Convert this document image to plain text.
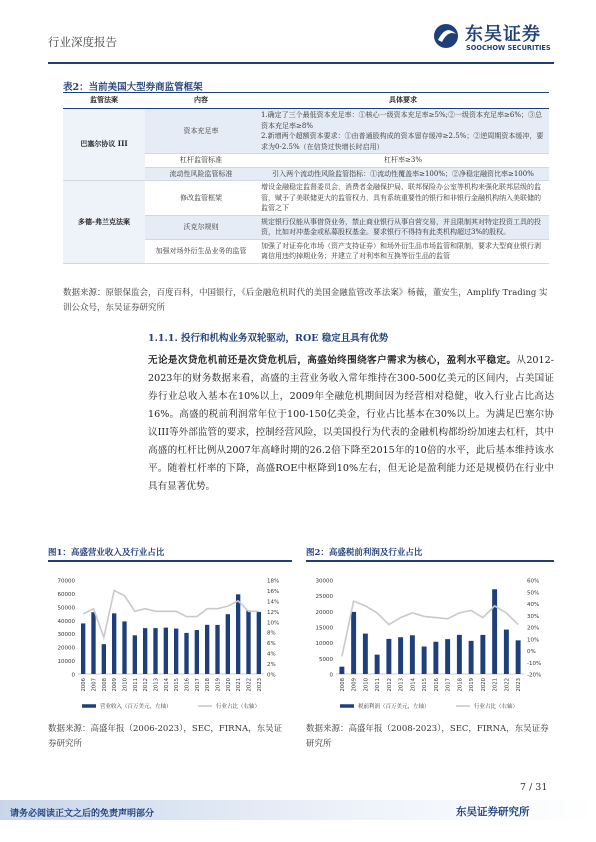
行业深度报告	东吴证券
SOOCHOW SECURITIES
表2：当前美国大型券商监管框架
监管法案	内容	具体要求
巴塞尔协议 III	资本充足率	1.确定了三个最低资本充足率：①核心一级资本充足率≥5%;②一级资本充足率≥6%；③总资本充足率≥8%
2.新增两个超额资本要求：①由普通股构成的资本留存缓冲≥2.5%；②逆周期资本缓冲，要求为0-2.5%（在信贷过快增长时启用）

	杠杆监管标准	杠杆率≥3%
	流动性风险监管标准	引入两个流动性风险监管指标：①流动性覆盖率≥100%；②净稳定融资比率≥100%
多德-弗兰克法案	修改监管框架	增设金融稳定监督委员会，消费者金融保护局、联邦保险办公室等机构来强化联邦层级的监管，赋予了美联储更大的监管权力，具有系统重要性的银行和非银行金融机构纳入美联储的监管之下
	沃克尔规则	规定银行仅能从事借贷业务，禁止商业银行从事自营交易，并且限制其对特定投资工具的投资，比如对冲基金或私募股权基金。要求银行不得持有此类机构超过3%的股权。
	加强对场外衍生品业务的监管	加强了对证券化市场（资产支持证券）和场外衍生品市场监管和限制，要求大型商业银行剥离信用违约掉期业务；并建立了对利率和互换等衍生品的监管
数据来源：原银保监会，百度百科，中国银行，《后金融危机时代的美国金融监管改革法案》杨薇，董安生，Amplify Trading 实训公众号，东吴证券研究所
1.1.1. 投行和机构业务双轮驱动，ROE 稳定且具有优势
无论是次贷危机前还是次贷危机后，高盛始终围绕客户需求为核心，盈利水平稳定。从2012-2023年的财务数据来看，高盛的主营业务收入常年维持在300-500亿美元的区间内，占美国证券行业总收入基本在10%以上，2009年全融危机期间因为经营相对稳健，收入行业占比高达16%。高盛的税前利润常年位于100-150亿美金，行业占比基本在30%以上。为满足巴塞尔协议III等外部监管的要求，控制经营风险，以美国投行为代表的金融机构都纷纷加速去杠杆，其中高盛的杠杆比例从2007年高峰时期的26.2倍下降至2015年的10倍的水平，此后基本维持该水平。随着杠杆率的下降，高盛ROE中枢降到10%左右，但无论是盈利能力还是规模仍在行业中具有显著优势。
图1：高盛营业收入及行业占比	图2：高盛税前利润及行业占比
0
10000
20000
30000
40000
50000
60000
70000
0%
2%
4%
6%
8%
10%
12%
14%
16%
18%
2006 2007 2008 2009 2010 2011 2012 2013 2014 2015 2016 2017 2018 2019 2020 2021 2022 2023
营业收入（百万美元，左轴）	行业占比（右轴）
0
5000
10000
15000
20000
25000
30000
-20%
-10%
0%
10%
20%
30%
40%
50%
60%
2008 2009 2010 2011 2012 2013 2014 2015 2016 2017 2018 2019 2020 2021 2022 2023
税前利润（百万美元，左轴）	行业占比（右轴）
数据来源：高盛年报（2006-2023），SEC，FIRNA，东吴证券研究所
数据来源：高盛年报（2008-2023），SEC，FIRNA，东吴证券研究所
7 / 31
请务必阅读正文之后的免责声明部分	东吴证券研究所
